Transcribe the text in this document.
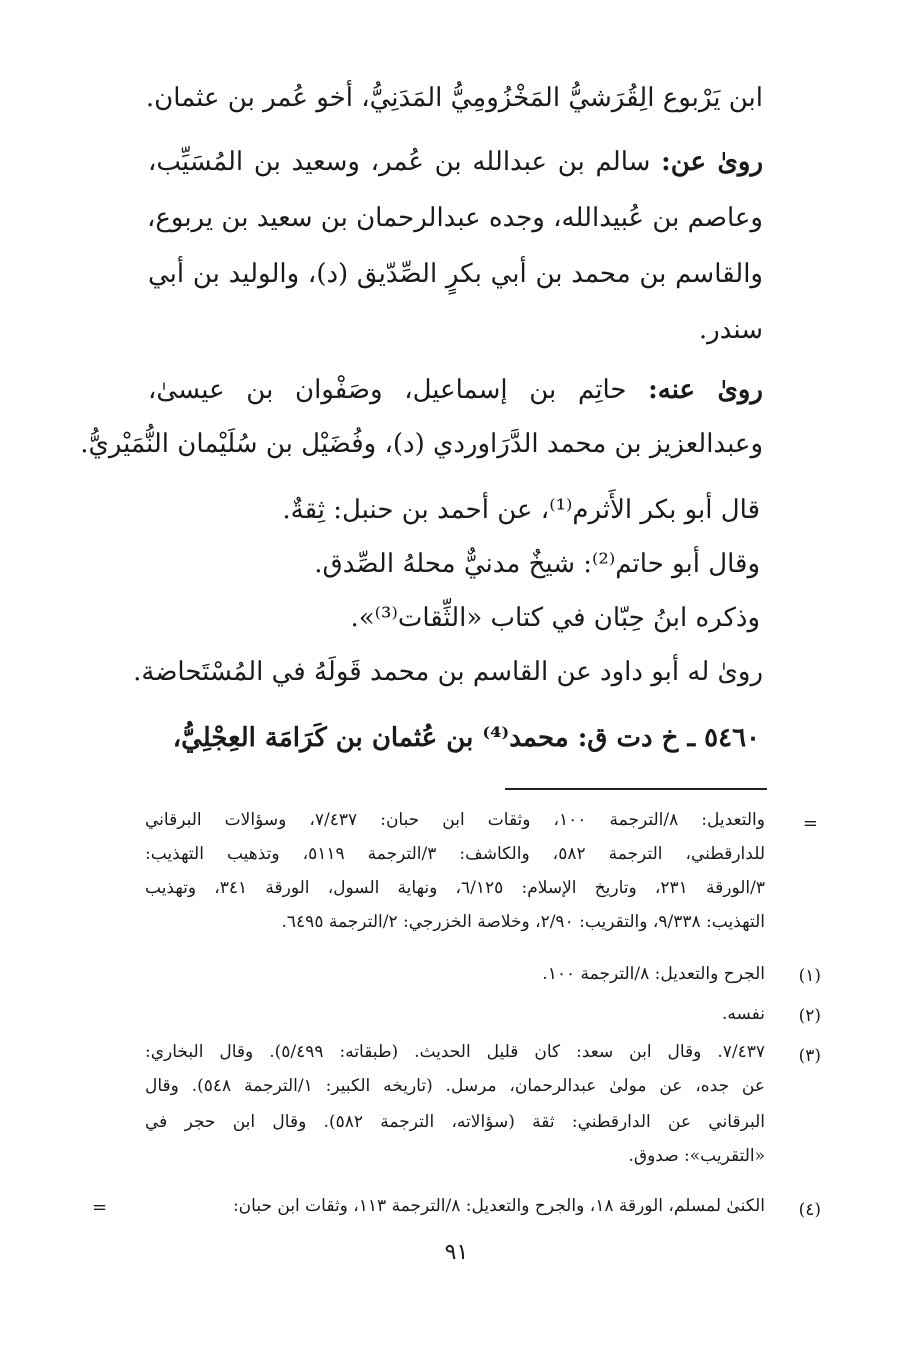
ابن يَرْبوع الِقُرَشيُّ المَخْزُومِيُّ المَدَنِيُّ، أخو عُمر بن عثمان.
روىٰ عن: سالم بن عبدالله بن عُمر، وسعيد بن المُسَيِّب،
وعاصم بن عُبيدالله، وجده عبدالرحمان بن سعيد بن يربوع،
والقاسم بن محمد بن أبي بكرٍ الصِّدّيق (د)، والوليد بن أبي
سندر.
روىٰ عنه: حاتِم بن إسماعيل، وصَفْوان بن عيسىٰ،
وعبدالعزيز بن محمد الدَّرَاوردي (د)، وفُضَيْل بن سُلَيْمان النُّمَيْريُّ.
قال أبو بكر الأَثرم⁽¹⁾، عن أحمد بن حنبل: ثِقةٌ.
وقال أبو حاتم⁽²⁾: شيخٌ مدنيٌّ محلهُ الصِّدق.
وذكره ابنُ حِبّان في كتاب «الثِّقات⁽³⁾».
روىٰ له أبو داود عن القاسم بن محمد قَولَهُ في المُسْتَحاضة.
٥٤٦٠ ـ خ دت ق: محمد⁽⁴⁾ بن عُثمان بن كَرَامَة العِجْلِيُّ،
=
والتعديل: ٨/الترجمة ١٠٠، وثقات ابن حبان: ٧/٤٣٧، وسؤالات البرقاني
للدارقطني، الترجمة ٥٨٢، والكاشف: ٣/الترجمة ٥١١٩، وتذهيب التهذيب:
٣/الورقة ٢٣١، وتاريخ الإسلام: ٦/١٢٥، ونهاية السول، الورقة ٣٤١، وتهذيب
التهذيب: ٩/٣٣٨، والتقريب: ٢/٩٠، وخلاصة الخزرجي: ٢/الترجمة ٦٤٩٥.
(١)
الجرح والتعديل: ٨/الترجمة ١٠٠.
(٢)
نفسه.
(٣)
٧/٤٣٧. وقال ابن سعد: كان قليل الحديث. (طبقاته: ٥/٤٩٩). وقال البخاري:
عن جده، عن مولىٰ عبدالرحمان، مرسل. (تاريخه الكبير: ١/الترجمة ٥٤٨). وقال
البرقاني عن الدارقطني: ثقة (سؤالاته، الترجمة ٥٨٢). وقال ابن حجر في
«التقريب»: صدوق.
(٤)
الكنىٰ لمسلم، الورقة ١٨، والجرح والتعديل: ٨/الترجمة ١١٣، وثقات ابن حبان:
=
٩١
